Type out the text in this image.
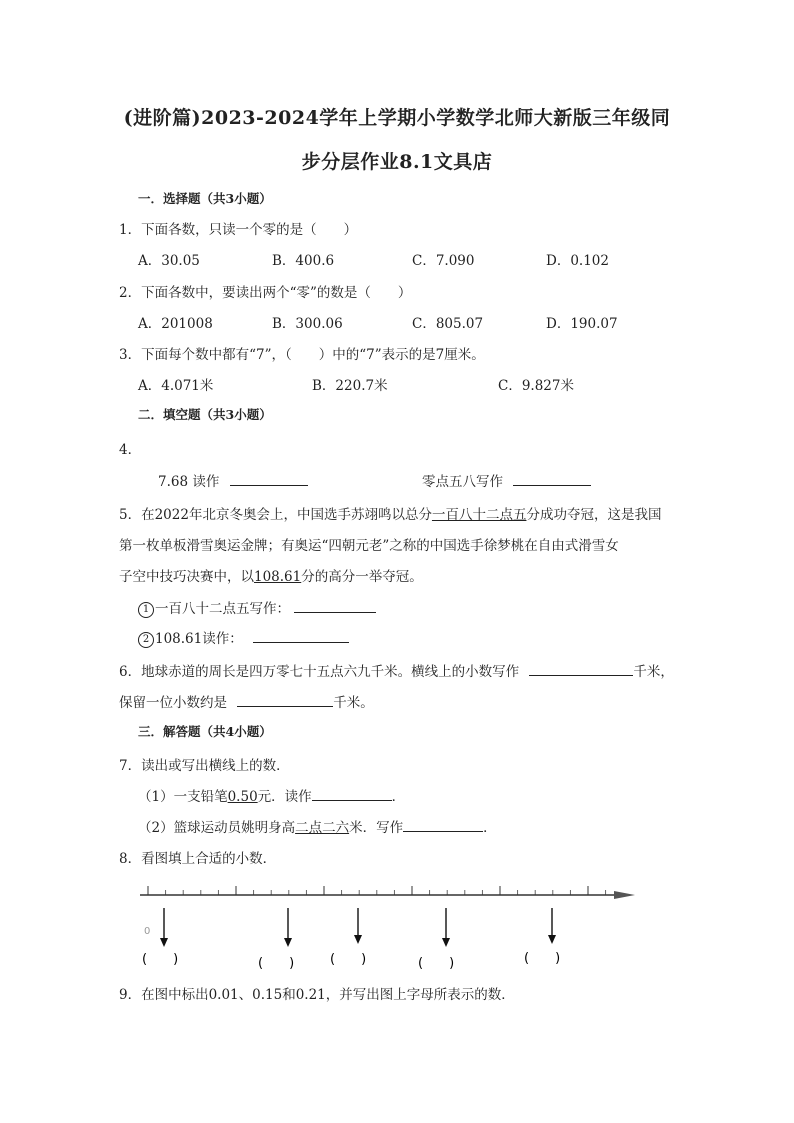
(进阶篇)2023-2024学年上学期小学数学北师大新版三年级同
步分层作业8.1文具店
一．选择题（共3小题）
1．下面各数，只读一个零的是（　　）
A．30.05	B．400.6	C．7.090	D．0.102
2．下面各数中，要读出两个“零”的数是（　　）
A．201008	B．300.06	C．805.07	D．190.07
3．下面每个数中都有“7”，（　　）中的“7”表示的是7厘米。
A．4.071米	B．220.7米	C．9.827米
二．填空题（共3小题）
4．
7.68 读作	零点五八写作
5．在2022年北京冬奥会上，中国选手苏翊鸣以总分一百八十二点五分成功夺冠，这是我国
第一枚单板滑雪奥运金牌；有奥运“四朝元老”之称的中国选手徐梦桃在自由式滑雪女
子空中技巧决赛中，以108.61分的高分一举夺冠。
1 一百八十二点五写作：
2 108.61读作：
6．地球赤道的周长是四万零七十五点六九千米。横线上的小数写作	千米，
保留一位小数约是	千米。
三．解答题（共4小题）
7．读出或写出横线上的数．
（1）一支铅笔0.50元．读作	．
（2）篮球运动员姚明身高二点二六米．写作	．
8．看图填上合适的小数．
0
(　　)	(　　)	(　　)	(　　)	(　　)
9．在图中标出0.01、0.15和0.21，并写出图上字母所表示的数．
